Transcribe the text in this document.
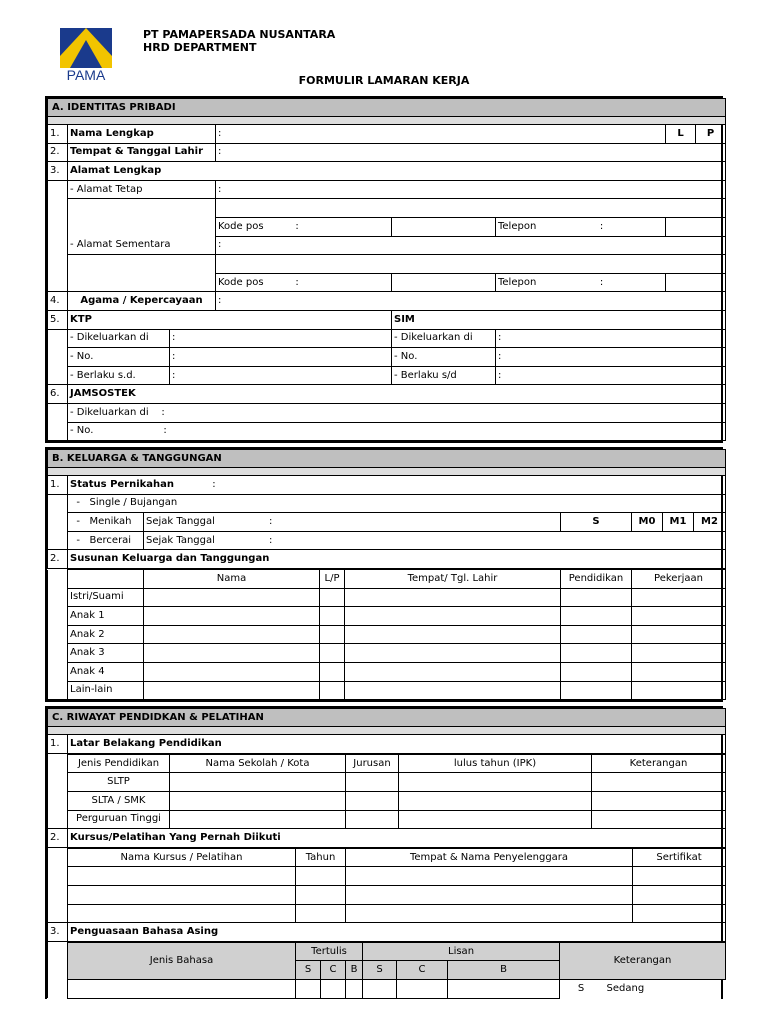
PAMA
PT PAMAPERSADA NUSANTARA
HRD DEPARTMENT
FORMULIR LAMARAN KERJA
A. IDENTITAS PRIBADI							

1.	Nama Lengkap		:			L	P
2.	Tempat & Tanggal Lahir		:				
3.	Alamat Lengkap						
	- Alamat Tetap		:				

			Kode pos :		Telepon :		
	- Alamat Sementara		:				

			Kode pos :		Telepon :		
4.	Agama / Kepercayaan		:				
5.	KTP			SIM			
	- Dikeluarkan di	:		- Dikeluarkan di	:		
	- No.	:		- No.	:		
	- Berlaku s.d.	:		- Berlaku s/d	:		
6.	JAMSOSTEK						
	- Dikeluarkan di :						
	- No. :						
B. KELUARGA & TANGGUNGAN						

1.	Status Pernikahan :					
	- Single / Bujangan					
	- Menikah	Sejak Tanggal :	S	M0	M1	M2
	- Bercerai	Sejak Tanggal :				
2.	Susunan Keluarga dan Tanggungan					
		Nama	L/P	Tempat/ Tgl. Lahir	Pendidikan	Pekerjaan
	Istri/Suami					
	Anak 1					
	Anak 2					
	Anak 3					
	Anak 4					
	Lain-lain					
C. RIWAYAT PENDIDKAN & PELATIHAN

1.	Latar Belakang Pendidikan
	Jenis Pendidikan	Nama Sekolah / Kota	Jurusan	lulus tahun (IPK)	Keterangan
	SLTP				
	SLTA / SMK				
	Perguruan Tinggi				
2.	Kursus/Pelatihan Yang Pernah Diikuti				
	Nama Kursus / Pelatihan	Tahun	Tempat & Nama Penyelenggara	Sertifikat

3.	Penguasaan Bahasa Asing			
	Jenis Bahasa	Tertulis			Lisan			Keterangan
		S	C	B	S	C	B	
								S Sedang
